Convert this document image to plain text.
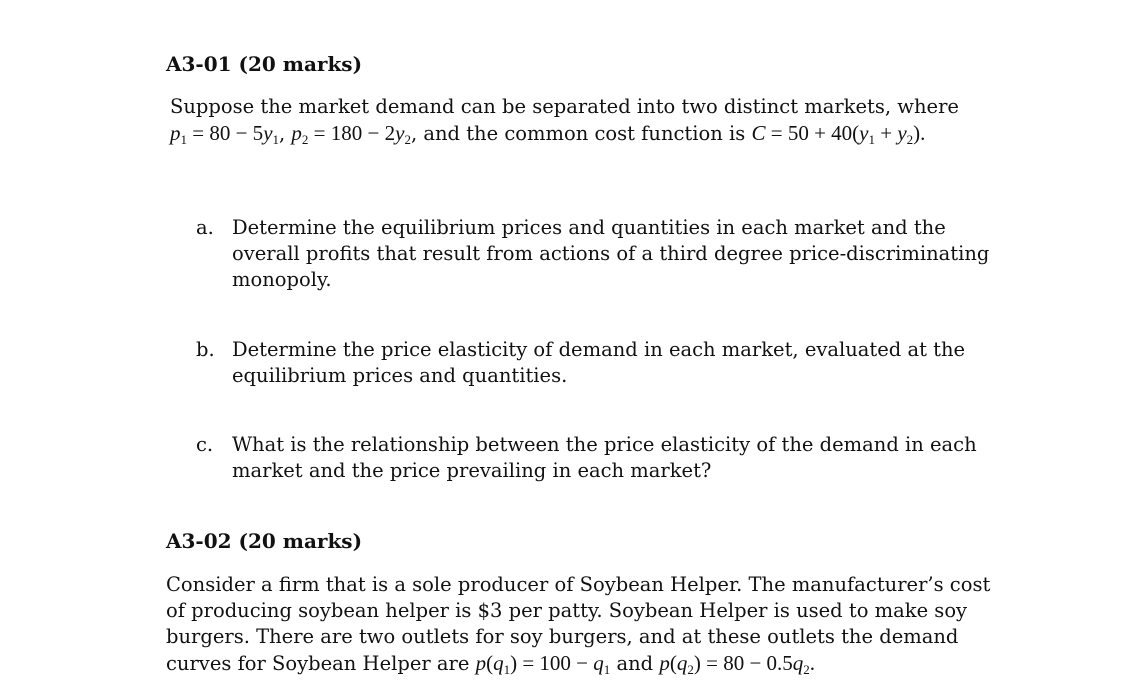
A3-01 (20 marks)
Suppose the market demand can be separated into two distinct markets, where
$p_1 = 80 - 5y_1$, $p_2 = 180 - 2y_2$, and the common cost function is $C = 50 + 40(y_1 + y_2)$.
a. Determine the equilibrium prices and quantities in each market and the
overall profits that result from actions of a third degree price-discriminating
monopoly.
b. Determine the price elasticity of demand in each market, evaluated at the
equilibrium prices and quantities.
c. What is the relationship between the price elasticity of the demand in each
market and the price prevailing in each market?
A3-02 (20 marks)
Consider a firm that is a sole producer of Soybean Helper. The manufacturer’s cost
of producing soybean helper is $3 per patty. Soybean Helper is used to make soy
burgers. There are two outlets for soy burgers, and at these outlets the demand
curves for Soybean Helper are $p(q_1) = 100 - q_1$ and $p(q_2) = 80 - 0.5q_2$.
